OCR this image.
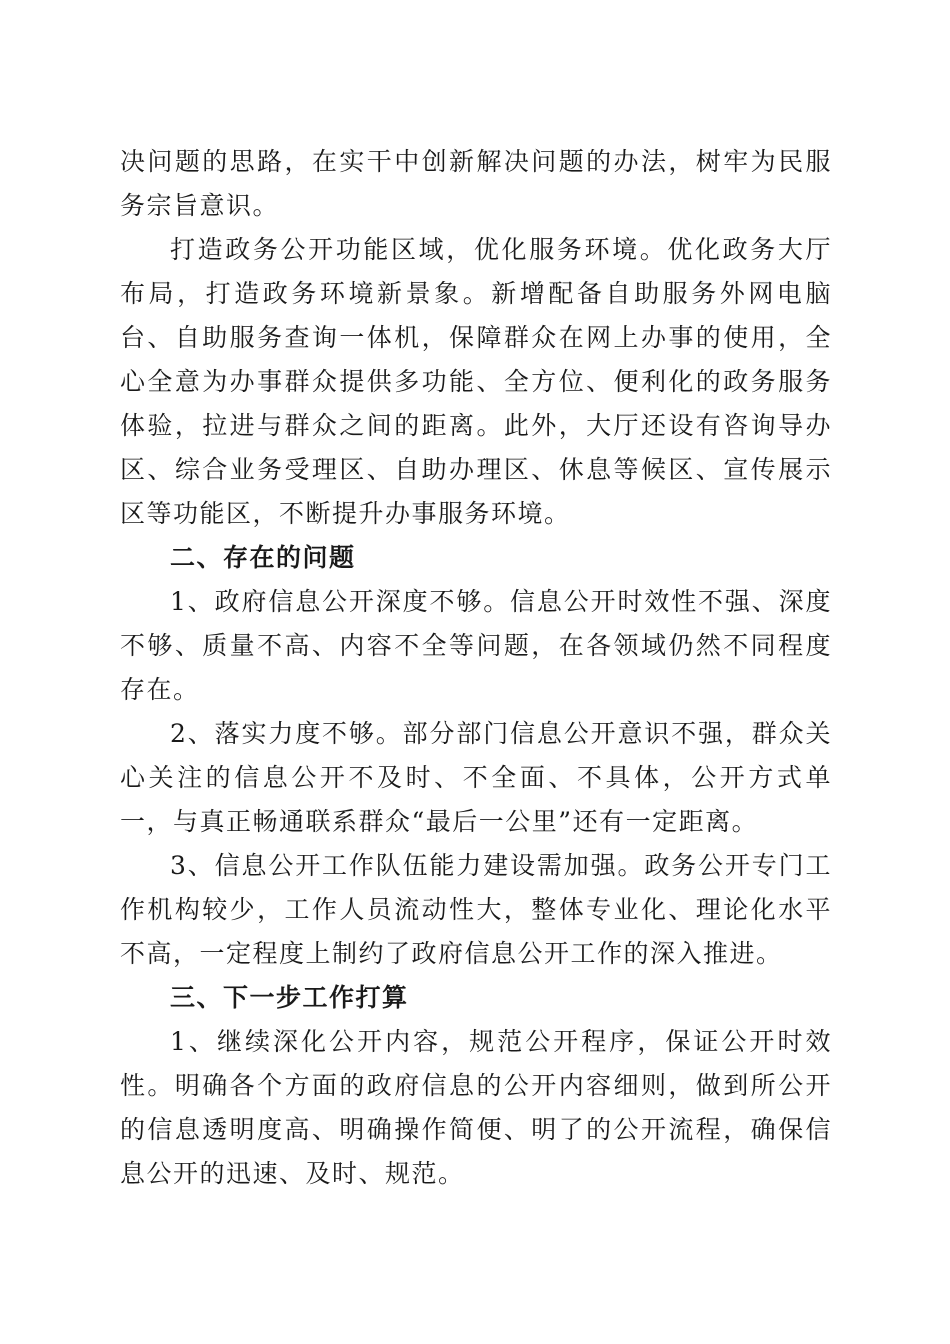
决问题的思路，在实干中创新解决问题的办法，树牢为民服务宗旨意识。

打造政务公开功能区域，优化服务环境。优化政务大厅布局，打造政务环境新景象。新增配备自助服务外网电脑台、自助服务查询一体机，保障群众在网上办事的使用，全心全意为办事群众提供多功能、全方位、便利化的政务服务体验，拉进与群众之间的距离。此外，大厅还设有咨询导办区、综合业务受理区、自助办理区、休息等候区、宣传展示区等功能区，不断提升办事服务环境。

二、存在的问题

1、政府信息公开深度不够。信息公开时效性不强、深度不够、质量不高、内容不全等问题，在各领域仍然不同程度存在。

2、落实力度不够。部分部门信息公开意识不强，群众关心关注的信息公开不及时、不全面、不具体，公开方式单一，与真正畅通联系群众“最后一公里”还有一定距离。

3、信息公开工作队伍能力建设需加强。政务公开专门工作机构较少，工作人员流动性大，整体专业化、理论化水平不高，一定程度上制约了政府信息公开工作的深入推进。

三、下一步工作打算

1、继续深化公开内容，规范公开程序，保证公开时效性。明确各个方面的政府信息的公开内容细则，做到所公开的信息透明度高、明确操作简便、明了的公开流程，确保信息公开的迅速、及时、规范。
